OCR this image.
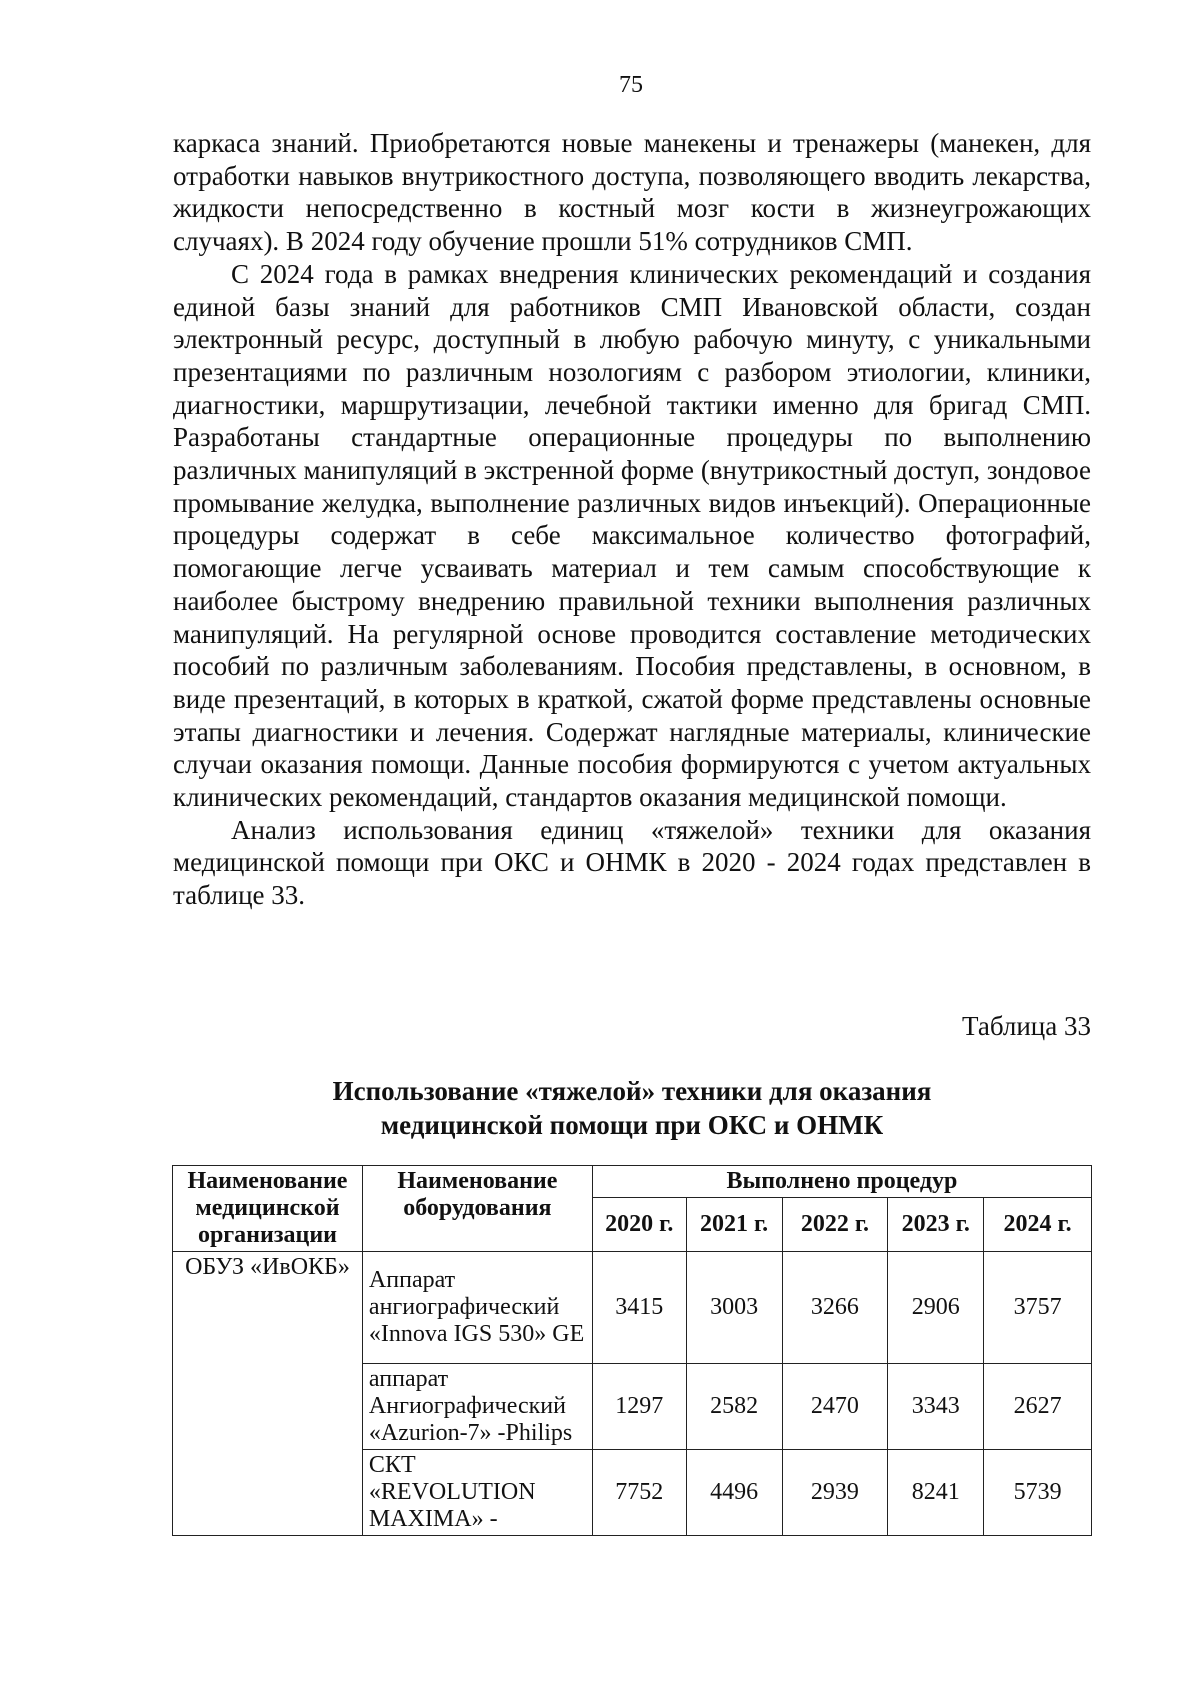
75

каркаса знаний. Приобретаются новые манекены и тренажеры (манекен, для отработки навыков внутрикостного доступа, позволяющего вводить лекарства, жидкости непосредственно в костный мозг кости в жизнеугрожающих случаях). В 2024 году обучение прошли 51% сотрудников СМП.

С 2024 года в рамках внедрения клинических рекомендаций и создания единой базы знаний для работников СМП Ивановской области, создан электронный ресурс, доступный в любую рабочую минуту, с уникальными презентациями по различным нозологиям с разбором этиологии, клиники, диагностики, маршрутизации, лечебной тактики именно для бригад СМП. Разработаны стандартные операционные процедуры по выполнению различных манипуляций в экстренной форме (внутрикостный доступ, зондовое промывание желудка, выполнение различных видов инъекций). Операционные процедуры содержат в себе максимальное количество фотографий, помогающие легче усваивать материал и тем самым способствующие к наиболее быстрому внедрению правильной техники выполнения различных манипуляций. На регулярной основе проводится составление методических пособий по различным заболеваниям. Пособия представлены, в основном, в виде презентаций, в которых в краткой, сжатой форме представлены основные этапы диагностики и лечения. Содержат наглядные материалы, клинические случаи оказания помощи. Данные пособия формируются с учетом актуальных клинических рекомендаций, стандартов оказания медицинской помощи.

Анализ использования единиц «тяжелой» техники для оказания медицинской помощи при ОКС и ОНМК в 2020 - 2024 годах представлен в таблице 33.

Таблица 33
Использование «тяжелой» техники для оказания
медицинской помощи при ОКС и ОНМК
Наименование медицинской организации	Наименование оборудования	Выполнено процедур				
		2020 г.	2021 г.	2022 г.	2023 г.	2024 г.
ОБУЗ «ИвОКБ»	Аппарат ангиографический «Innova IGS 530» GE	3415	3003	3266	2906	3757
	аппарат Ангиографический «Azurion-7» -Philips	1297	2582	2470	3343	2627
	СКТ «REVOLUTION MAXIMA» -	7752	4496	2939	8241	5739
